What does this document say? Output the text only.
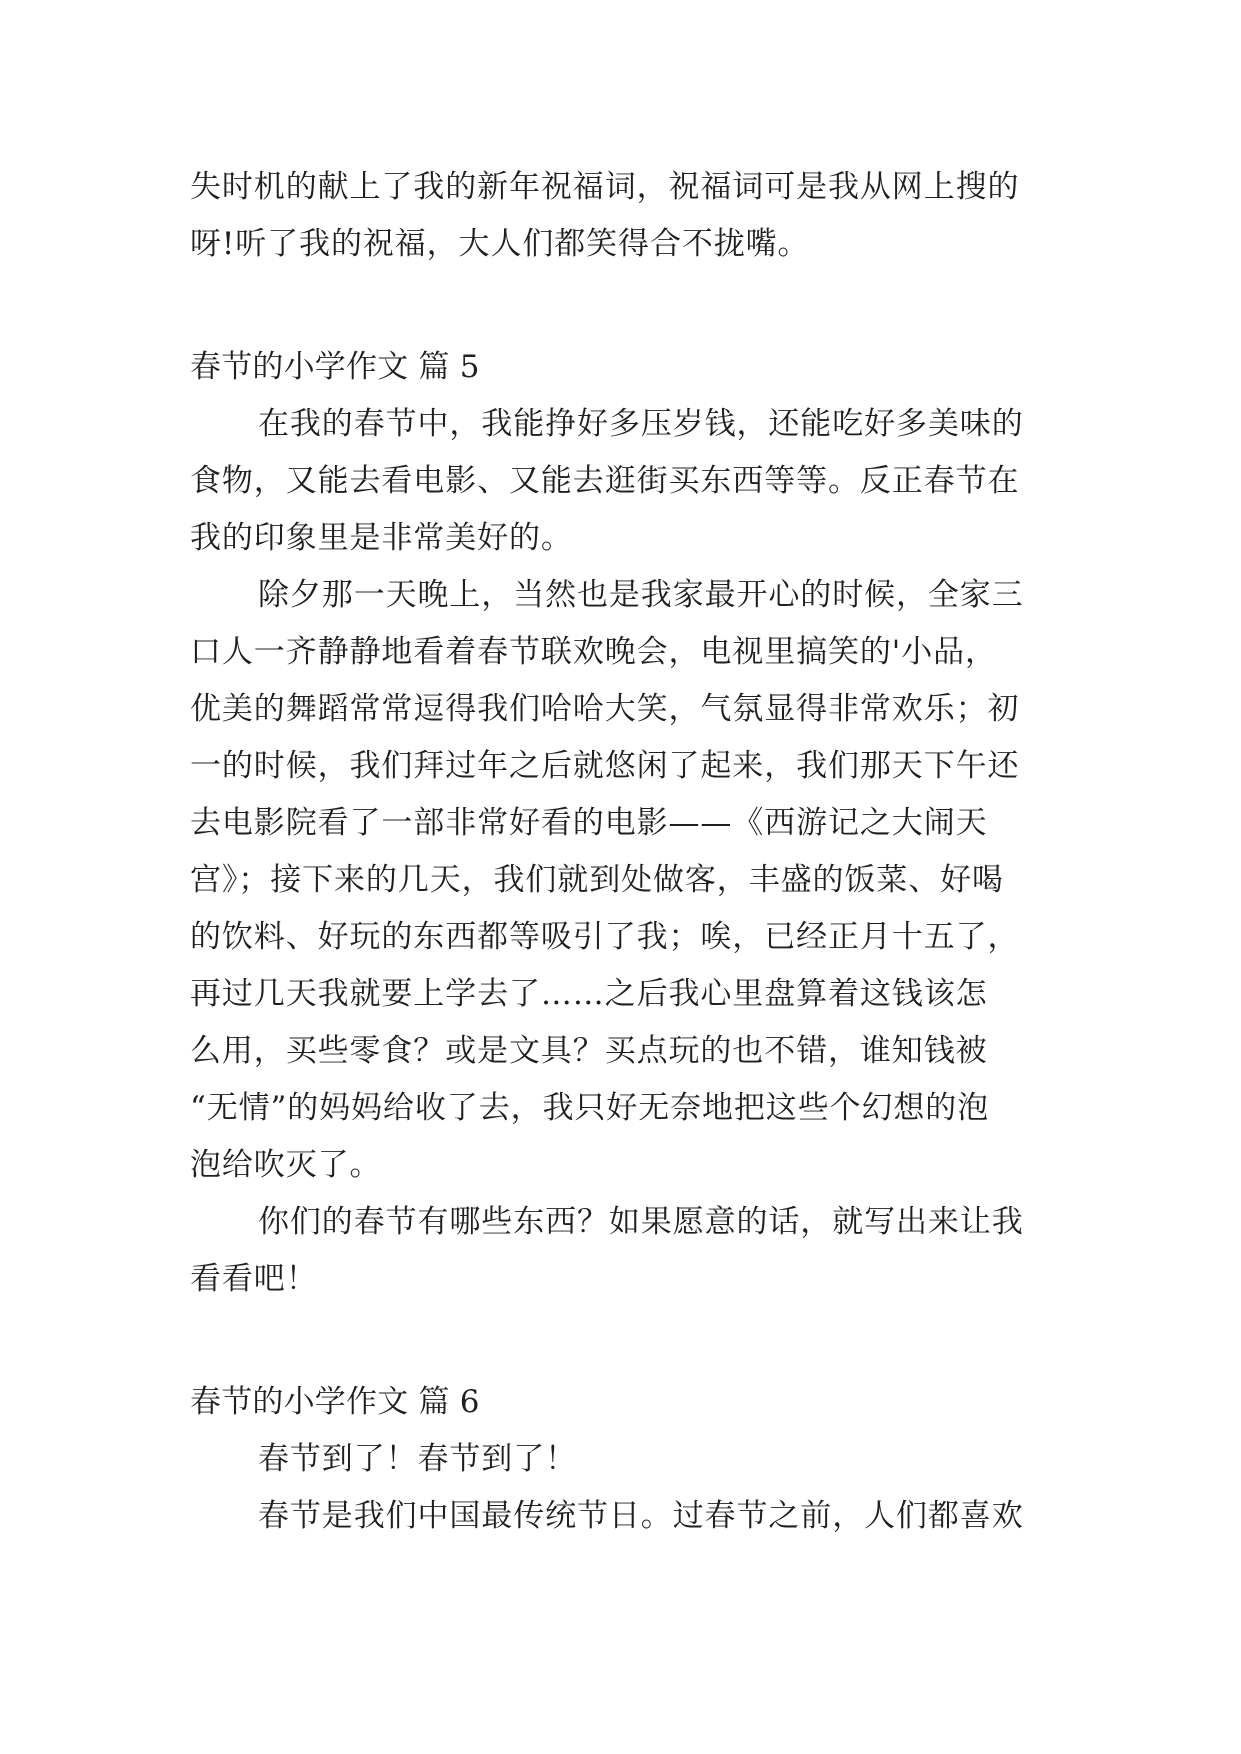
失时机的献上了我的新年祝福词，祝福词可是我从网上搜的
呀!听了我的祝福，大人们都笑得合不拢嘴。
春节的小学作文 篇 5
在我的春节中，我能挣好多压岁钱，还能吃好多美味的
食物，又能去看电影、又能去逛街买东西等等。反正春节在
我的印象里是非常美好的。
除夕那一天晚上，当然也是我家最开心的时候，全家三
口人一齐静静地看着春节联欢晚会，电视里搞笑的'小品，
优美的舞蹈常常逗得我们哈哈大笑，气氛显得非常欢乐；初
一的时候，我们拜过年之后就悠闲了起来，我们那天下午还
去电影院看了一部非常好看的电影——《西游记之大闹天
宫》；接下来的几天，我们就到处做客，丰盛的饭菜、好喝
的饮料、好玩的东西都等吸引了我；唉，已经正月十五了，
再过几天我就要上学去了……之后我心里盘算着这钱该怎
么用，买些零食？或是文具？买点玩的也不错，谁知钱被
“无情”的妈妈给收了去，我只好无奈地把这些个幻想的泡
泡给吹灭了。
你们的春节有哪些东西？如果愿意的话，就写出来让我
看看吧！
春节的小学作文 篇 6
春节到了！春节到了！
春节是我们中国最传统节日。过春节之前，人们都喜欢
